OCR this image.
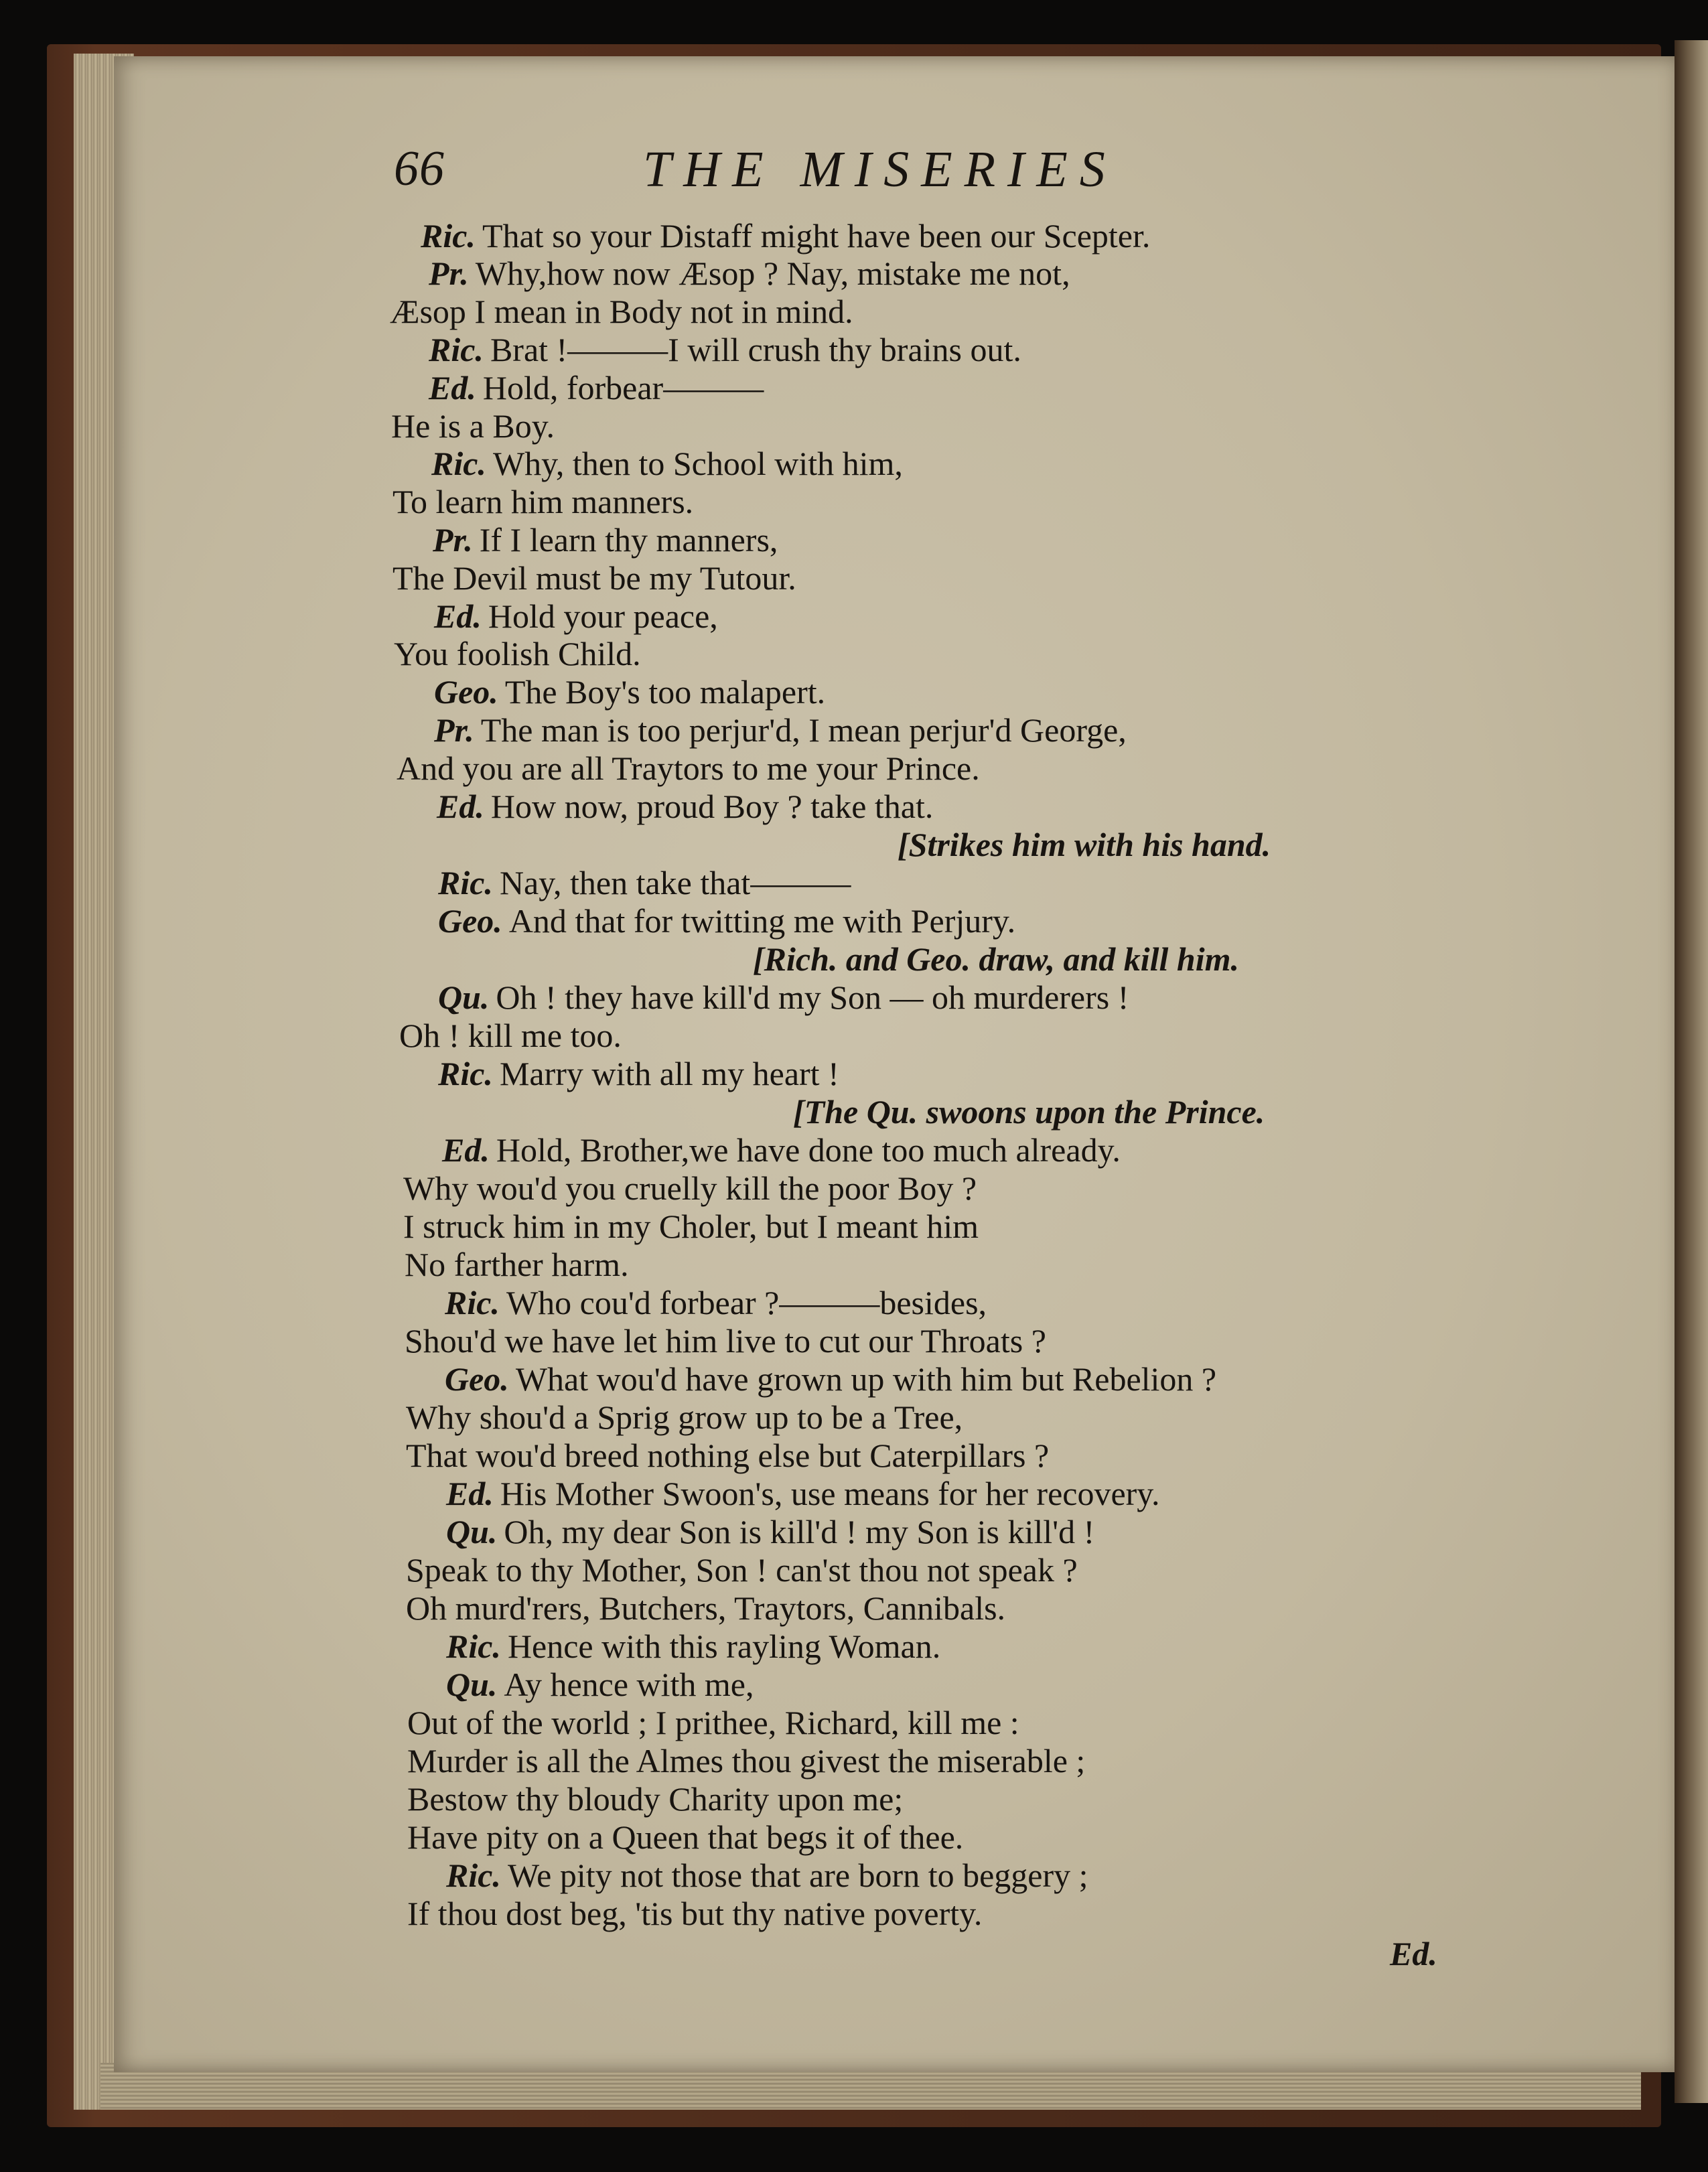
66	THE MISERIES
Ric. That so your Distaff might have been our Scepter.
Pr. Why,how now Æsop ? Nay, mistake me not,
Æsop I mean in Body not in mind.
Ric. Brat !———I will crush thy brains out.
Ed. Hold, forbear———
He is a Boy.
Ric. Why, then to School with him,
To learn him manners.
Pr. If I learn thy manners,
The Devil must be my Tutour.
Ed. Hold your peace,
You foolish Child.
Geo. The Boy's too malapert.
Pr. The man is too perjur'd, I mean perjur'd George,
And you are all Traytors to me your Prince.
Ed. How now, proud Boy ? take that.
[Strikes him with his hand.
Ric. Nay, then take that———
Geo. And that for twitting me with Perjury.
[Rich. and Geo. draw, and kill him.
Qu. Oh ! they have kill'd my Son — oh murderers !
Oh ! kill me too.
Ric. Marry with all my heart !
[The Qu. swoons upon the Prince.
Ed. Hold, Brother,we have done too much already.
Why wou'd you cruelly kill the poor Boy ?
I struck him in my Choler, but I meant him
No farther harm.
Ric. Who cou'd forbear ?———besides,
Shou'd we have let him live to cut our Throats ?
Geo. What wou'd have grown up with him but Rebelion ?
Why shou'd a Sprig grow up to be a Tree,
That wou'd breed nothing else but Caterpillars ?
Ed. His Mother Swoon's, use means for her recovery.
Qu. Oh, my dear Son is kill'd ! my Son is kill'd !
Speak to thy Mother, Son ! can'st thou not speak ?
Oh murd'rers, Butchers, Traytors, Cannibals.
Ric. Hence with this rayling Woman.
Qu. Ay hence with me,
Out of the world ; I prithee, Richard, kill me :
Murder is all the Almes thou givest the miserable ;
Bestow thy bloudy Charity upon me;
Have pity on a Queen that begs it of thee.
Ric. We pity not those that are born to beggery ;
If thou dost beg, 'tis but thy native poverty.
Ed.
